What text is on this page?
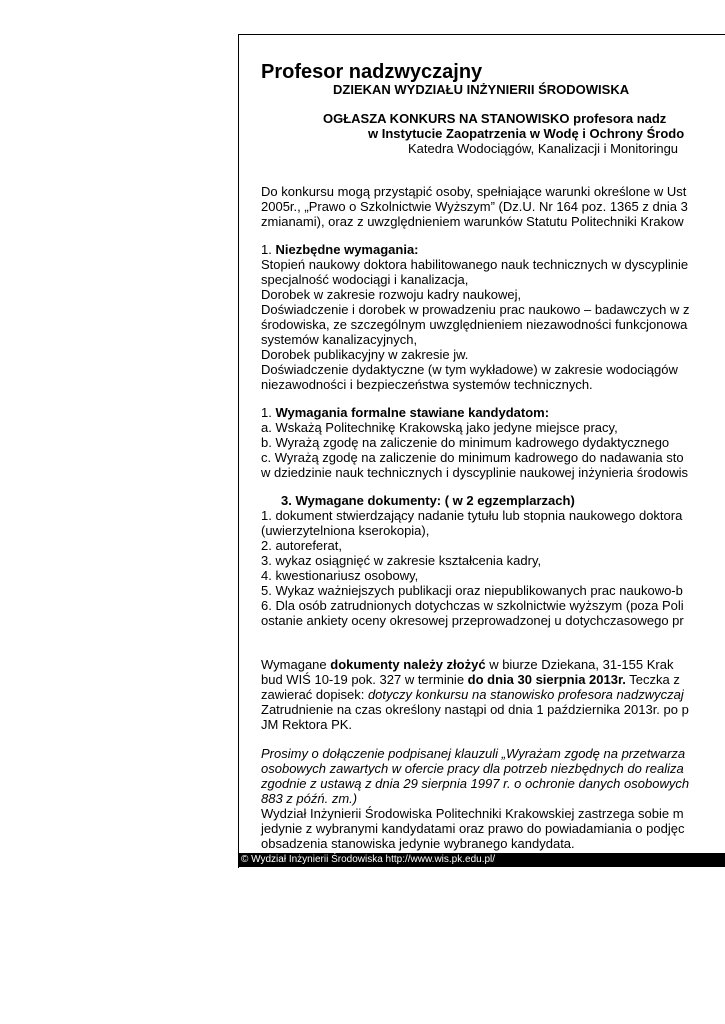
Profesor nadzwyczajny
DZIEKAN WYDZIAŁU INŻYNIERII ŚRODOWISKA
OGŁASZA KONKURS NA STANOWISKO profesora nadz
w Instytucie Zaopatrzenia w Wodę i Ochrony Środo
Katedra Wodociągów, Kanalizacji i Monitoringu
Do konkursu mogą przystąpić osoby, spełniające warunki określone w Ust
2005r., „Prawo o Szkolnictwie Wyższym” (Dz.U. Nr 164 poz. 1365 z dnia 3
zmianami), oraz z uwzględnieniem warunków Statutu Politechniki Krakow
1. Niezbędne wymagania:
Stopień naukowy doktora habilitowanego nauk technicznych w dyscyplinie
specjalność wodociągi i kanalizacja,
Dorobek w zakresie rozwoju kadry naukowej,
Doświadczenie i dorobek w prowadzeniu prac naukowo – badawczych w z
środowiska, ze szczególnym uwzględnieniem niezawodności funkcjonowa
systemów kanalizacyjnych,
Dorobek publikacyjny w zakresie jw.
Doświadczenie dydaktyczne (w tym wykładowe) w zakresie wodociągów
niezawodności i bezpieczeństwa systemów technicznych.
1. Wymagania formalne stawiane kandydatom:
a. Wskażą Politechnikę Krakowską jako jedyne miejsce pracy,
b. Wyrażą zgodę na zaliczenie do minimum kadrowego dydaktycznego
c. Wyrażą zgodę na zaliczenie do minimum kadrowego do nadawania sto
w dziedzinie nauk technicznych i dyscyplinie naukowej inżynieria środowis
3. Wymagane dokumenty: ( w 2 egzemplarzach)
1. dokument stwierdzający nadanie tytułu lub stopnia naukowego doktora
(uwierzytelniona kserokopia),
2. autoreferat,
3. wykaz osiągnięć w zakresie kształcenia kadry,
4. kwestionariusz osobowy,
5. Wykaz ważniejszych publikacji oraz niepublikowanych prac naukowo-b
6. Dla osób zatrudnionych dotychczas w szkolnictwie wyższym (poza Poli
ostanie ankiety oceny okresowej przeprowadzonej u dotychczasowego pr
Wymagane dokumenty należy złożyć w biurze Dziekana, 31-155 Krak
bud WIŚ 10-19 pok. 327 w terminie do dnia 30 sierpnia 2013r. Teczka z
zawierać dopisek: dotyczy konkursu na stanowisko profesora nadzwyczaj
Zatrudnienie na czas określony nastąpi od dnia 1 października 2013r. po p
JM Rektora PK.
Prosimy o dołączenie podpisanej klauzuli „Wyrażam zgodę na przetwarza
osobowych zawartych w ofercie pracy dla potrzeb niezbędnych do realiza
zgodnie z ustawą z dnia 29 sierpnia 1997 r. o ochronie danych osobowych
883 z późń. zm.)
Wydział Inżynierii Środowiska Politechniki Krakowskiej zastrzega sobie m
jedynie z wybranymi kandydatami oraz prawo do powiadamiania o podjęc
obsadzenia stanowiska jedynie wybranego kandydata.
© Wydział Inżynierii Środowiska http://www.wis.pk.edu.pl/
